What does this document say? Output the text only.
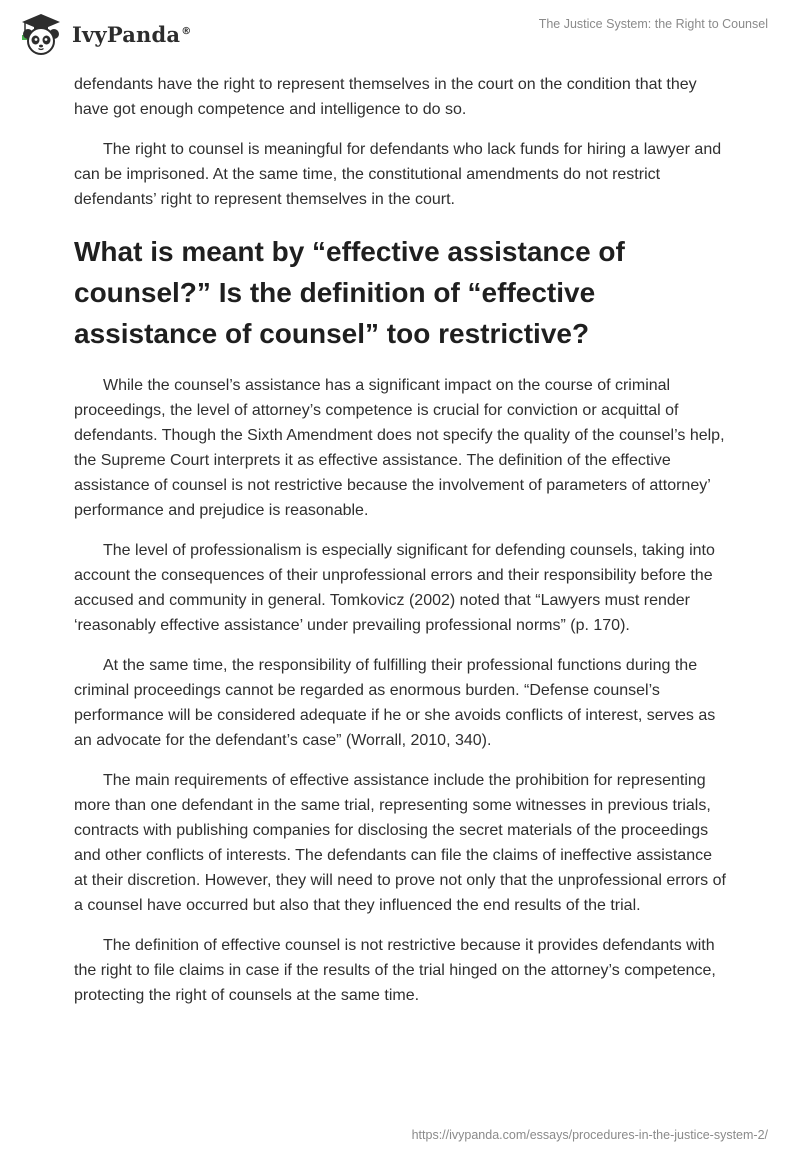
IvyPanda®	The Justice System: the Right to Counsel

defendants have the right to represent themselves in the court on the condition that they have got enough competence and intelligence to do so.

The right to counsel is meaningful for defendants who lack funds for hiring a lawyer and can be imprisoned. At the same time, the constitutional amendments do not restrict defendants’ right to represent themselves in the court.

What is meant by “effective assistance of counsel?” Is the definition of “effective assistance of counsel” too restrictive?

While the counsel’s assistance has a significant impact on the course of criminal proceedings, the level of attorney’s competence is crucial for conviction or acquittal of defendants. Though the Sixth Amendment does not specify the quality of the counsel’s help, the Supreme Court interprets it as effective assistance. The definition of the effective assistance of counsel is not restrictive because the involvement of parameters of attorney’ performance and prejudice is reasonable.

The level of professionalism is especially significant for defending counsels, taking into account the consequences of their unprofessional errors and their responsibility before the accused and community in general. Tomkovicz (2002) noted that “Lawyers must render ‘reasonably effective assistance’ under prevailing professional norms” (p. 170).

At the same time, the responsibility of fulfilling their professional functions during the criminal proceedings cannot be regarded as enormous burden. “Defense counsel’s performance will be considered adequate if he or she avoids conflicts of interest, serves as an advocate for the defendant’s case” (Worrall, 2010, 340).

The main requirements of effective assistance include the prohibition for representing more than one defendant in the same trial, representing some witnesses in previous trials, contracts with publishing companies for disclosing the secret materials of the proceedings and other conflicts of interests. The defendants can file the claims of ineffective assistance at their discretion. However, they will need to prove not only that the unprofessional errors of a counsel have occurred but also that they influenced the end results of the trial.

The definition of effective counsel is not restrictive because it provides defendants with the right to file claims in case if the results of the trial hinged on the attorney’s competence, protecting the right of counsels at the same time.

https://ivypanda.com/essays/procedures-in-the-justice-system-2/
